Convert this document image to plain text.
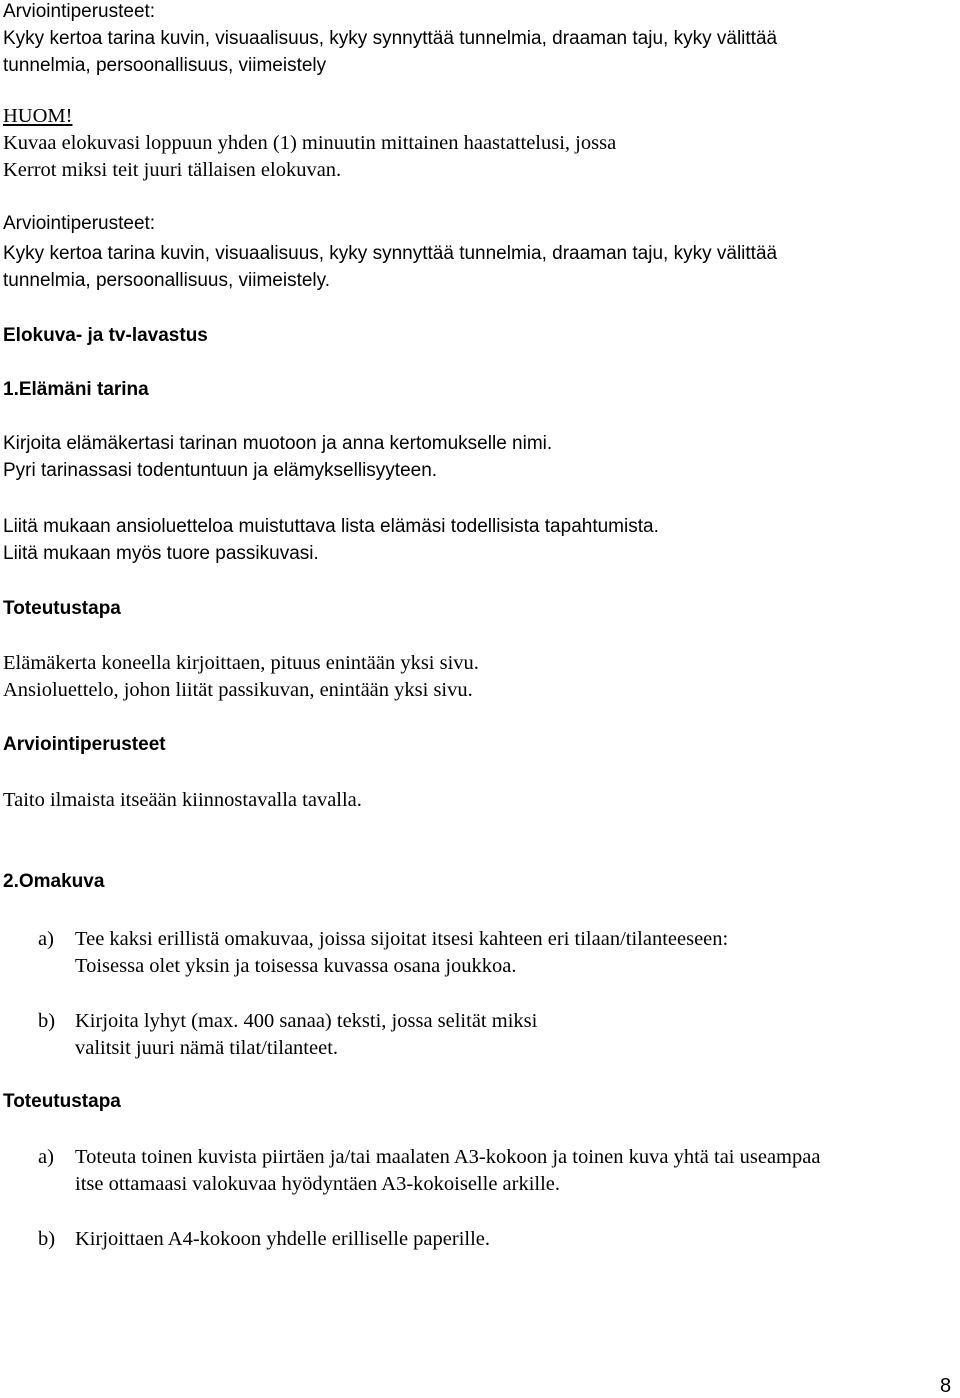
Arviointiperusteet:
Kyky kertoa tarina kuvin, visuaalisuus, kyky synnyttää tunnelmia, draaman taju, kyky välittää
tunnelmia, persoonallisuus, viimeistely
HUOM!
Kuvaa elokuvasi loppuun yhden (1) minuutin mittainen haastattelusi, jossa
Kerrot miksi teit juuri tällaisen elokuvan.
Arviointiperusteet:
Kyky kertoa tarina kuvin, visuaalisuus, kyky synnyttää tunnelmia, draaman taju, kyky välittää
tunnelmia, persoonallisuus, viimeistely.
Elokuva- ja tv-lavastus
1.Elämäni tarina
Kirjoita elämäkertasi tarinan muotoon ja anna kertomukselle nimi.
Pyri tarinassasi todentuntuun ja elämyksellisyyteen.
Liitä mukaan ansioluetteloa muistuttava lista elämäsi todellisista tapahtumista.
Liitä mukaan myös tuore passikuvasi.
Toteutustapa
Elämäkerta koneella kirjoittaen, pituus enintään yksi sivu.
Ansioluettelo, johon liität passikuvan, enintään yksi sivu.
Arviointiperusteet
Taito ilmaista itseään kiinnostavalla tavalla.
2.Omakuva
a) Tee kaksi erillistä omakuvaa, joissa sijoitat itsesi kahteen eri tilaan/tilanteeseen:
Toisessa olet yksin ja toisessa kuvassa osana joukkoa.
b) Kirjoita lyhyt (max. 400 sanaa) teksti, jossa selität miksi
valitsit juuri nämä tilat/tilanteet.
Toteutustapa
a) Toteuta toinen kuvista piirtäen ja/tai maalaten A3-kokoon ja toinen kuva yhtä tai useampaa
itse ottamaasi valokuvaa hyödyntäen A3-kokoiselle arkille.
b) Kirjoittaen A4-kokoon yhdelle erilliselle paperille.
8
